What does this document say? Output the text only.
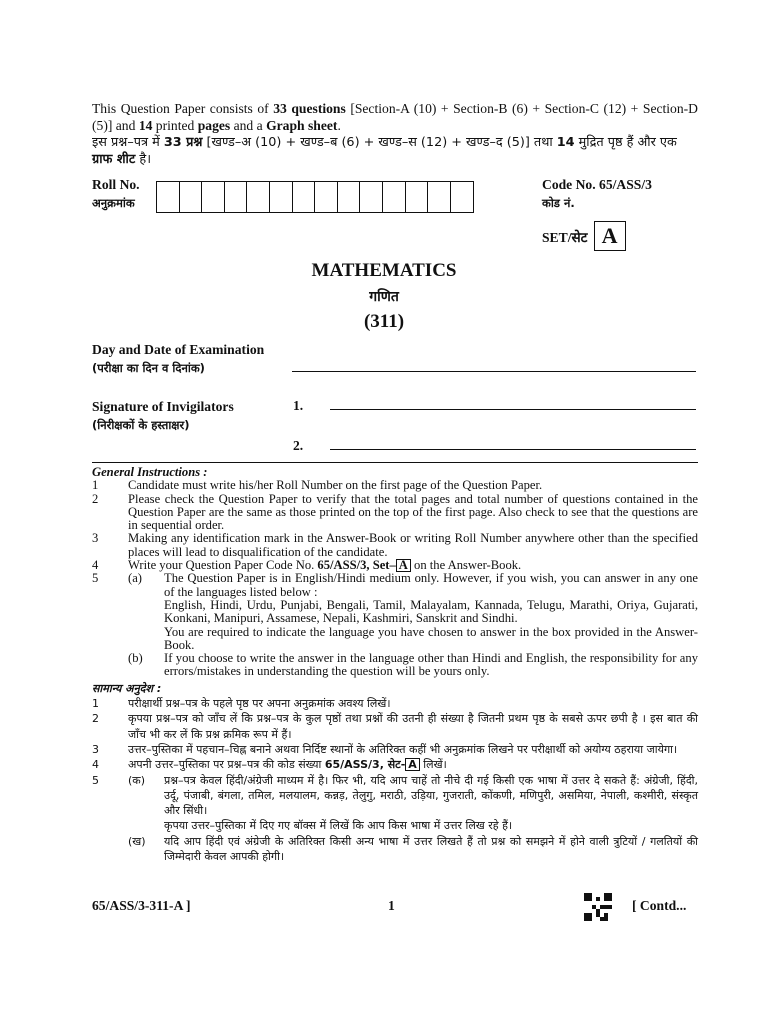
This Question Paper consists of 33 questions [Section-A (10) + Section-B (6) + Section-C (12) + Section-D (5)] and 14 printed pages and a Graph sheet.
इस प्रश्न–पत्र में 33 प्रश्न [खण्ड–अ (10) + खण्ड–ब (6) + खण्ड–स (12) + खण्ड–द (5)] तथा 14 मुद्रित पृष्ठ हैं और एक ग्राफ शीट है।
Roll No.
अनुक्रमांक
Code No. 65/ASS/3
कोड नं.
SET/सेट A
MATHEMATICS
गणित
(311)
Day and Date of Examination
(परीक्षा का दिन व दिनांक)
Signature of Invigilators
(निरीक्षकों के हस्ताक्षर)
1.
2.
General Instructions :
1	Candidate must write his/her Roll Number on the first page of the Question Paper.
2	Please check the Question Paper to verify that the total pages and total number of questions contained in the Question Paper are the same as those printed on the top of the first page. Also check to see that the questions are in sequential order.
3	Making any identification mark in the Answer-Book or writing Roll Number anywhere other than the specified places will lead to disqualification of the candidate.
4	Write your Question Paper Code No. 65/ASS/3, Set– A on the Answer-Book.
5	(a)	The Question Paper is in English/Hindi medium only. However, if you wish, you can answer in any one of the languages listed below :
English, Hindi, Urdu, Punjabi, Bengali, Tamil, Malayalam, Kannada, Telugu, Marathi, Oriya, Gujarati, Konkani, Manipuri, Assamese, Nepali, Kashmiri, Sanskrit and Sindhi.
You are required to indicate the language you have chosen to answer in the box provided in the Answer-Book.
(b)	If you choose to write the answer in the language other than Hindi and English, the responsibility for any errors/mistakes in understanding the question will be yours only.
सामान्य अनुदेश :
1	परीक्षार्थी प्रश्न–पत्र के पहले पृष्ठ पर अपना अनुक्रमांक अवश्य लिखें।
2	कृपया प्रश्न–पत्र को जाँच लें कि प्रश्न–पत्र के कुल पृष्ठों तथा प्रश्नों की उतनी ही संख्या है जितनी प्रथम पृष्ठ के सबसे ऊपर छपी है । इस बात की जाँच भी कर लें कि प्रश्न क्रमिक रूप में हैं।
3	उत्तर–पुस्तिका में पहचान–चिह्न बनाने अथवा निर्दिष्ट स्थानों के अतिरिक्त कहीं भी अनुक्रमांक लिखने पर परीक्षार्थी को अयोग्य ठहराया जायेगा।
4	अपनी उत्तर–पुस्तिका पर प्रश्न–पत्र की कोड संख्या 65/ASS/3, सेट- A लिखें।
5	(क)	प्रश्न–पत्र केवल हिंदी/अंग्रेजी माध्यम में है। फिर भी, यदि आप चाहें तो नीचे दी गई किसी एक भाषा में उत्तर दे सकते हैं: अंग्रेजी, हिंदी, उर्दू, पंजाबी, बंगला, तमिल, मलयालम, कन्नड़, तेलुगु, मराठी, उड़िया, गुजराती, कोंकणी, मणिपुरी, असमिया, नेपाली, कश्मीरी, संस्कृत और सिंधी।
कृपया उत्तर–पुस्तिका में दिए गए बॉक्स में लिखें कि आप किस भाषा में उत्तर लिख रहे हैं।
(ख)	यदि आप हिंदी एवं अंग्रेजी के अतिरिक्त किसी अन्य भाषा में उत्तर लिखते हैं तो प्रश्न को समझने में होने वाली त्रुटियों / गलतियों की जिम्मेदारी केवल आपकी होगी।
65/ASS/3-311-A ]	1	[ Contd...
